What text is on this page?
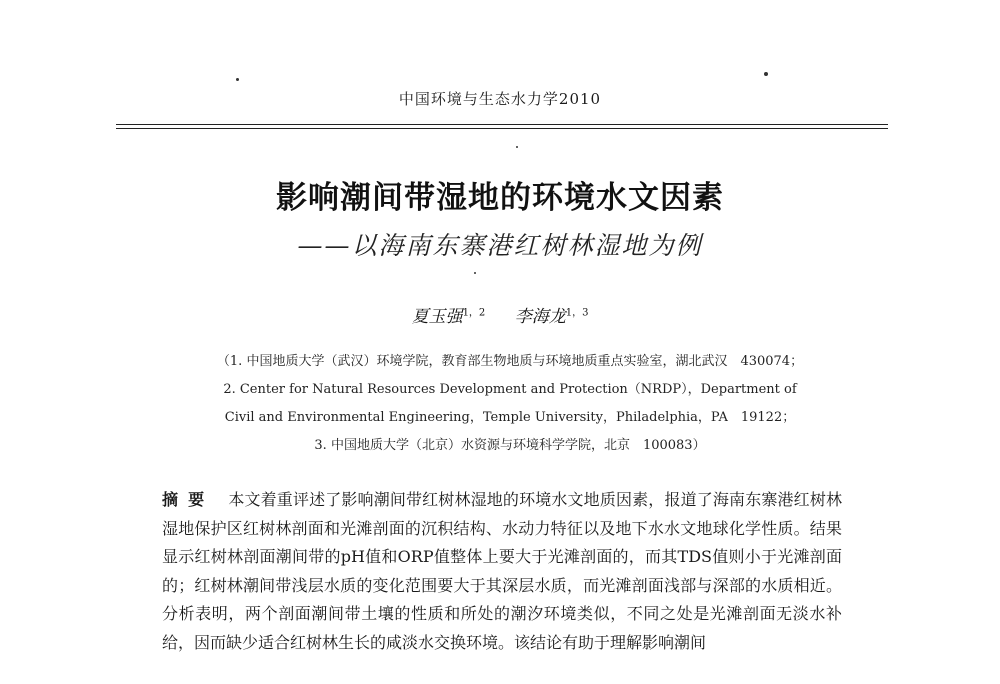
中国环境与生态水力学2010
影响潮间带湿地的环境水文因素
——以海南东寨港红树林湿地为例
夏玉强$^{1,2}$ 李海龙$^{1,3}$
（1. 中国地质大学（武汉）环境学院，教育部生物地质与环境地质重点实验室，湖北武汉　430074；
2. Center for Natural Resources Development and Protection（NRDP），Department of
Civil and Environmental Engineering，Temple University，Philadelphia，PA　19122；
3. 中国地质大学（北京）水资源与环境科学学院，北京　100083）
摘要 本文着重评述了影响潮间带红树林湿地的环境水文地质因素，报道了海南东寨港红树林湿地保护区红树林剖面和光滩剖面的沉积结构、水动力特征以及地下水水文地球化学性质。结果显示红树林剖面潮间带的pH值和ORP值整体上要大于光滩剖面的，而其TDS值则小于光滩剖面的；红树林潮间带浅层水质的变化范围要大于其深层水质，而光滩剖面浅部与深部的水质相近。分析表明，两个剖面潮间带土壤的性质和所处的潮汐环境类似，不同之处是光滩剖面无淡水补给，因而缺少适合红树林生长的咸淡水交换环境。该结论有助于理解影响潮间
